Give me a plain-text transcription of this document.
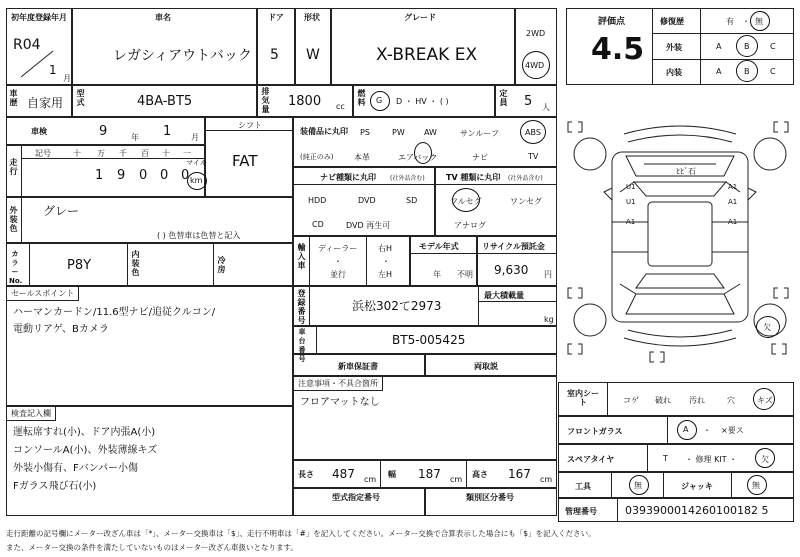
初年度登録年月
R04
1
月
車名
レガシィアウトバック
ドア
5
形状
W
グレード
X-BREAK EX
2WD
4WD
評価点
4.5
修復歴	有 ・ 無
外装	A	B	C
内装	A	B	C
車歴 自家用
型式	4BA-BT5
排気量
1800 cc
燃料 G D ・ HV ・ ( )
定員 5 人
車検	9	年 1 月
シフト
FAT
走行
記号	十 万 千 百 十 一
1 9 0 0 0
マイル
km
外装色
グレー
( ) 色替車は色替と記入
カラーNo.
P8Y
内装色
冷房
装備品に丸印
(純正のみ)
PS	PW AW	サンルーフ	ABS
本革	エアバック	ナビ	TV
ナビ種類に丸印 (社外品含む)
HDD	DVD	SD
CD	DVD 再生可
TV 種類に丸印 (社外品含む)
フルセグ	ワンセグ
アナログ
輸入車
ディーラー
・
並行
右H
・
左H
モデル年式
年 不明
リサイクル預託金
9,630 円
セールスポイント
ハーマンカードン/11.6型ナビ/追従クルコン/
電動リアゲ、Bカメラ
登録番号
浜松302て2973
最大積載量
kg
車台番号
BT5-005425
新車保証書	両取説
注意事項・不具合箇所
フロアマットなし
検査記入欄
運転席すれ(小)、ドア内張A(小)
コンソールA(小)、外装薄線キズ
外装小傷有、Fバンパー小傷
Fガラス飛び石(小)
長さ 487 cm
幅 187 cm
高さ 167 cm
型式指定番号	類別区分番号
U1
U1
A1
A1
A1	A1
ﾋﾋﾞ石
欠
室内シート	コゲ 破れ 汚れ	穴	キズ
フロントガラス	A ・ ×要ス
スペアタイヤ	T ・ 修理 KIT ・	欠
工具	無	ジャッキ	無
管理番号	0393900014260100182 5
走行距離の記号欄にメーター改ざん車は「*」、メーター交換車は「$」、走行不明車は「#」を記入してください。メーター交換で合算表示した場合にも「$」を記入ください。
また、メーター交換の条件を満たしていないものはメーター改ざん車扱いとなります。
